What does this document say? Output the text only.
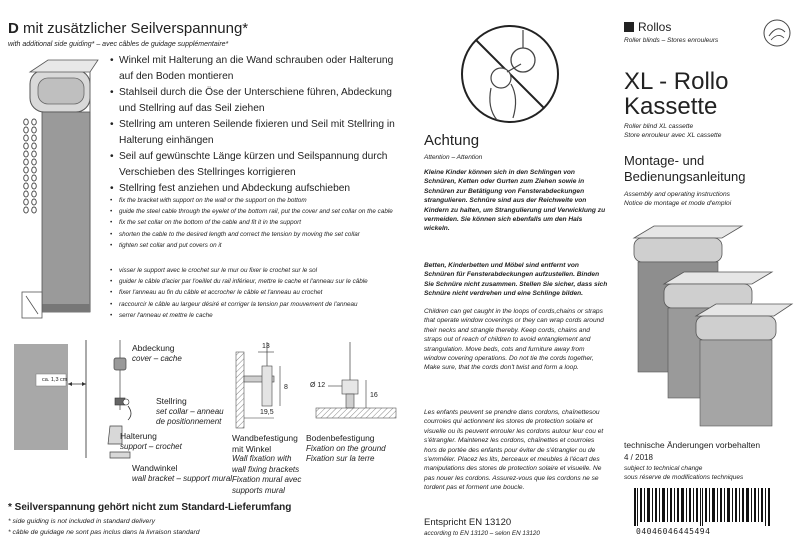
D mit zusätzlicher Seilverspannung*
with additional side guiding* – avec câbles de guidage supplémentaire*
• Winkel mit Halterung an die Wand schrauben oder Halterung auf den Boden montieren
• Stahlseil durch die Öse der Unterschiene führen, Abdeckung und Stellring auf das Seil ziehen
• Stellring am unteren Seilende fixieren und Seil mit Stellring in Halterung einhängen
• Seil auf gewünschte Länge kürzen und Seilspannung durch Verschieben des Stellringes korrigieren
• Stellring fest anziehen und Abdeckung aufschieben
• fix the bracket with support on the wall or the support on the bottom
• guide the steel cable through the eyelet of the bottom rail, put the cover and set collar on the cable
• fix the set collar on the bottom of the cable and fit it in the support
• shorten the cable to the desired length and correct the tension by moving the set collar
• tighten set collar and put covers on it
• visser le support avec le crochet sur le mur ou fixer le crochet sur le sol
• guider le câble d'acier par l'oeillet du rail inférieur, mettre le cache et l'anneau sur le câble
• fixer l'anneau au fin du câble et accrocher le câble et l'anneau au crochet
• raccourcir le câble au largeur désiré et corriger la tension par mouvement de l'anneau
• serrer l'anneau et mettre le cache
ca. 1,3 cm
Abdeckung
cover – cache
Stellring
set collar – anneau
de positionnement
Halterung
support – crochet
Wandwinkel
wall bracket – support mural
13
8
19,5
Wandbefestigung
mit Winkel
Wall fixation with
wall fixing brackets
Fixation mural avec
supports mural
Ø 12
16
Bodenbefestigung
Fixation on the ground
Fixation sur la terre
* Seilverspannung gehört nicht zum Standard-Lieferumfang
* side guiding is not included in standard delivery
* câble de guidage ne sont pas inclus dans la livraison standard
Achtung
Attention – Attention
Kleine Kinder können sich in den Schlingen von Schnüren, Ketten oder Gurten zum Ziehen sowie in Schnüren zur Betätigung von Fensterabdeckungen strangulieren. Schnüre sind aus der Reichweite von Kindern zu halten, um Strangulierung und Verwicklung zu vermeiden. Sie können sich ebenfalls um den Hals wickeln.
Betten, Kinderbetten und Möbel sind entfernt von Schnüren für Fensterabdeckungen aufzustellen. Binden Sie Schnüre nicht zusammen. Stellen Sie sicher, dass sich Schnüre nicht verdrehen und eine Schlinge bilden.
Children can get caught in the loops of cords,chains or straps that operate window coverings or they can wrap cords around their necks and strangle thereby. Keep cords, chains and straps out of reach of children to avoid entanglement and strangulation. Move beds, cots and furniture away from window covering operations. Do not tie the cords together, Make sure, that the cords don't twist and form a loop.
Les enfants peuvent se prendre dans cordons, chaînettesou courroies qui actionnent les stores de protection solaire et visuelle ou ils peuvent enrouler les cordons autour leur cou et s'étrangler. Maintenez les cordons, chaînettes et courroies hors de portée des enfants pour éviter de s'étrangler ou de s'emmêler. Placez les lits, berceaux et meubles à l'écart des manipulations des stores de protection solaire et visuelle. Ne pas nouer les cordons. Assurez-vous que les cordons ne se tordent pas et forment une boucle.
Entspricht EN 13120
according to EN 13120 – selon EN 13120
Rollos
Roller blinds – Stores enrouleurs
XL - Rollo
Kassette
Roller blind XL cassette
Store enrouleur avec XL cassette
Montage- und
Bedienungsanleitung
Assembly and operating instructions
Notice de montage et mode d'emploi
technische Änderungen vorbehalten
4 / 2018
subject to technical change
sous réserve de modifications techniques
04046046445494
